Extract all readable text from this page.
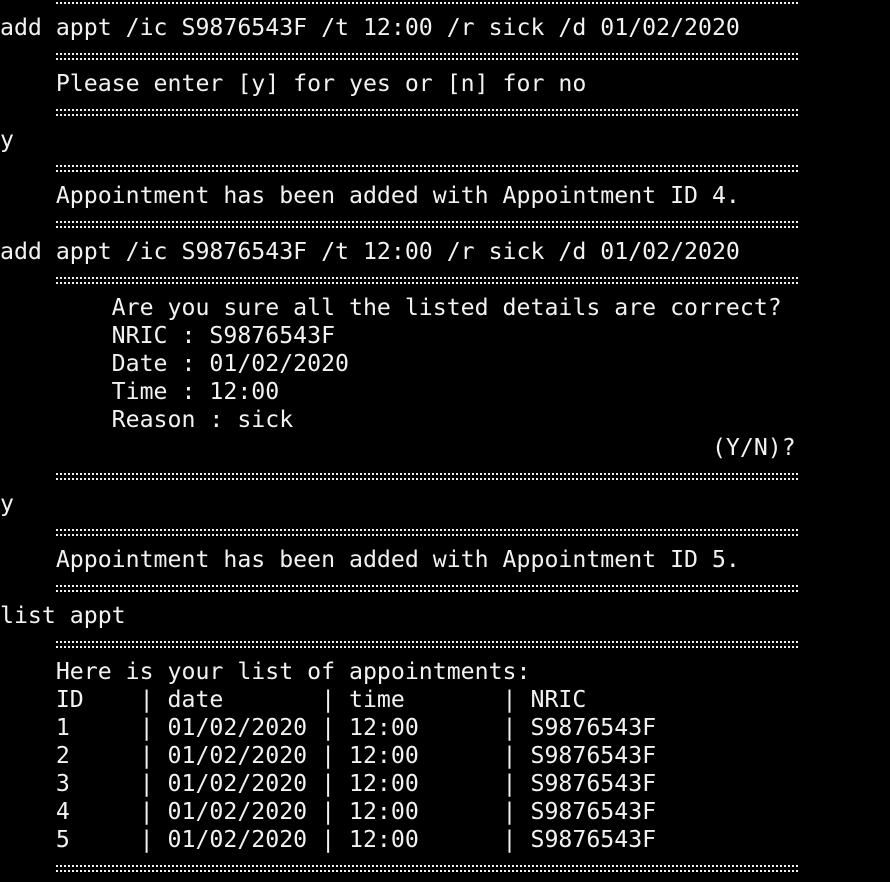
add appt /ic S9876543F /t 12:00 /r sick /d 01/02/2020
Please enter [y] for yes or [n] for no
y
Appointment has been added with Appointment ID 4.
add appt /ic S9876543F /t 12:00 /r sick /d 01/02/2020
Are you sure all the listed details are correct?
NRIC : S9876543F
Date : 01/02/2020
Time : 12:00
Reason : sick
(Y/N)?
y
Appointment has been added with Appointment ID 5.
list appt
Here is your list of appointments:
ID    | date       | time       | NRIC
1     | 01/02/2020 | 12:00      | S9876543F
2     | 01/02/2020 | 12:00      | S9876543F
3     | 01/02/2020 | 12:00      | S9876543F
4     | 01/02/2020 | 12:00      | S9876543F
5     | 01/02/2020 | 12:00      | S9876543F
